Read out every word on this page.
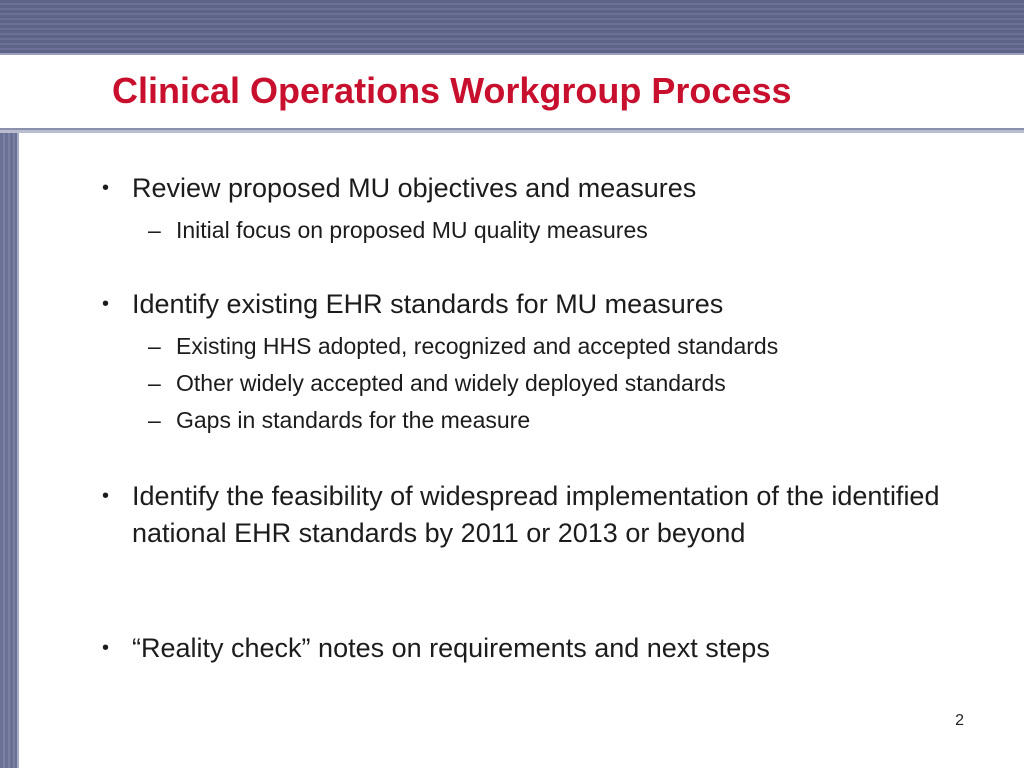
Clinical Operations Workgroup Process
• Review proposed MU objectives and measures
– Initial focus on proposed MU quality measures
• Identify existing EHR standards for MU measures
– Existing HHS adopted, recognized and accepted standards
– Other widely accepted and widely deployed standards
– Gaps in standards for the measure
• Identify the feasibility of widespread implementation of the identified national EHR standards by 2011 or 2013 or beyond
• “Reality check” notes on requirements and next steps
2
